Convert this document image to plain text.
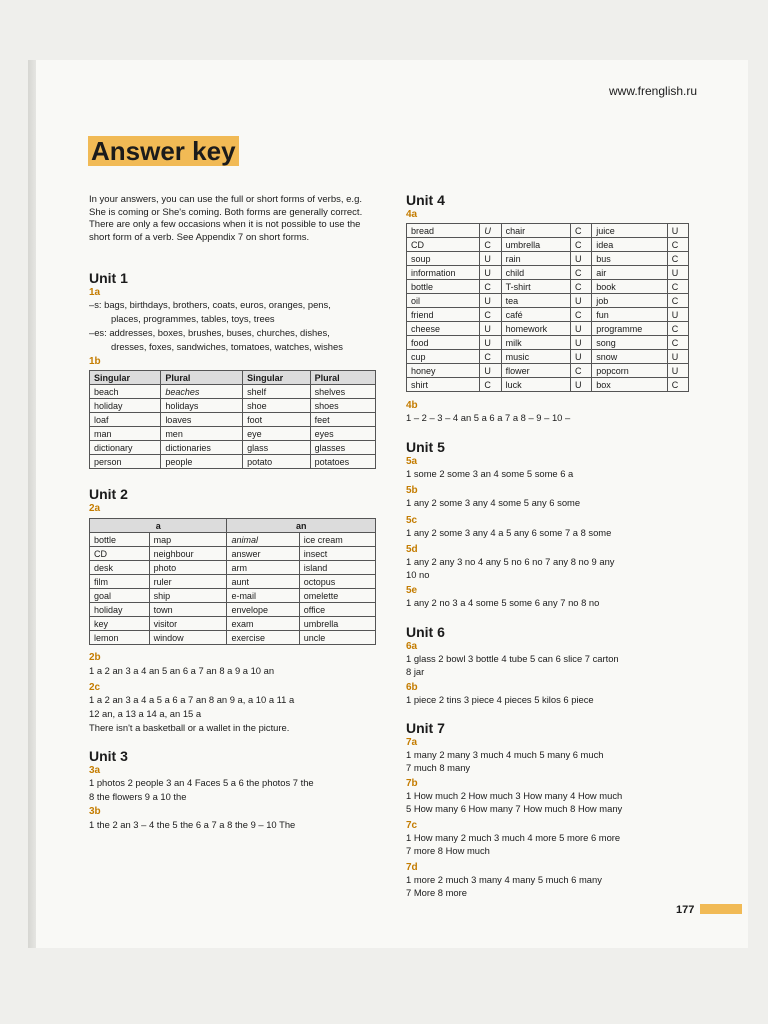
www.frenglish.ru
Answer key
In your answers, you can use the full or short forms of verbs, e.g. She is coming or She's coming. Both forms are generally correct. There are only a few occasions when it is not possible to use the short form of a verb. See Appendix 7 on short forms.
Unit 1
1a
–s: bags, birthdays, brothers, coats, euros, oranges, pens,
places, programmes, tables, toys, trees
–es: addresses, boxes, brushes, buses, churches, dishes,
dresses, foxes, sandwiches, tomatoes, watches, wishes
1b
Singular	Plural	Singular	Plural
beach	beaches	shelf	shelves
holiday	holidays	shoe	shoes
loaf	loaves	foot	feet
man	men	eye	eyes
dictionary	dictionaries	glass	glasses
person	people	potato	potatoes
Unit 2
2a
a		an	
bottle	map	animal	ice cream
CD	neighbour	answer	insect
desk	photo	arm	island
film	ruler	aunt	octopus
goal	ship	e-mail	omelette
holiday	town	envelope	office
key	visitor	exam	umbrella
lemon	window	exercise	uncle
2b
1 a 2 an 3 a 4 an 5 an 6 a 7 an 8 a 9 a 10 an
2c
1 a 2 an 3 a 4 a 5 a 6 a 7 an 8 an 9 a, a 10 a 11 a
12 an, a 13 a 14 a, an 15 a
There isn't a basketball or a wallet in the picture.
Unit 3
3a
1 photos 2 people 3 an 4 Faces 5 a 6 the photos 7 the
8 the flowers 9 a 10 the
3b
1 the 2 an 3 – 4 the 5 the 6 a 7 a 8 the 9 – 10 The
Unit 4
4a
bread	U	chair	C	juice	U
CD	C	umbrella	C	idea	C
soup	U	rain	U	bus	C
information	U	child	C	air	U
bottle	C	T-shirt	C	book	C
oil	U	tea	U	job	C
friend	C	café	C	fun	U
cheese	U	homework	U	programme	C
food	U	milk	U	song	C
cup	C	music	U	snow	U
honey	U	flower	C	popcorn	U
shirt	C	luck	U	box	C
4b
1 – 2 – 3 – 4 an 5 a 6 a 7 a 8 – 9 – 10 –
Unit 5
5a
1 some 2 some 3 an 4 some 5 some 6 a
5b
1 any 2 some 3 any 4 some 5 any 6 some
5c
1 any 2 some 3 any 4 a 5 any 6 some 7 a 8 some
5d
1 any 2 any 3 no 4 any 5 no 6 no 7 any 8 no 9 any
10 no
5e
1 any 2 no 3 a 4 some 5 some 6 any 7 no 8 no
Unit 6
6a
1 glass 2 bowl 3 bottle 4 tube 5 can 6 slice 7 carton
8 jar
6b
1 piece 2 tins 3 piece 4 pieces 5 kilos 6 piece
Unit 7
7a
1 many 2 many 3 much 4 much 5 many 6 much
7 much 8 many
7b
1 How much 2 How much 3 How many 4 How much
5 How many 6 How many 7 How much 8 How many
7c
1 How many 2 much 3 much 4 more 5 more 6 more
7 more 8 How much
7d
1 more 2 much 3 many 4 many 5 much 6 many
7 More 8 more
177
